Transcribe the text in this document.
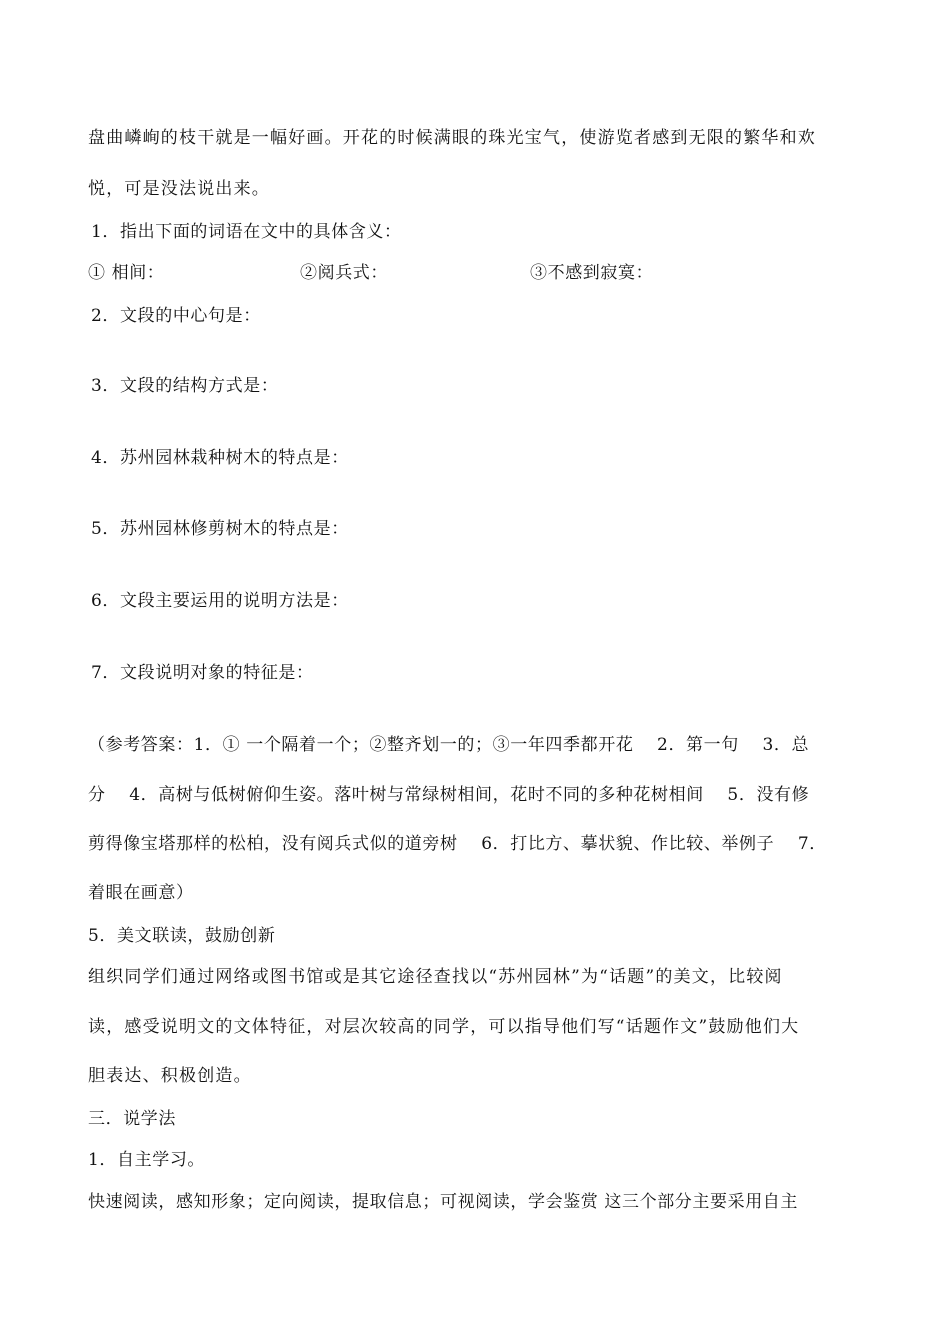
盘曲嶙峋的枝干就是一幅好画。开花的时候满眼的珠光宝气，使游览者感到无限的繁华和欢
悦，可是没法说出来。
1．指出下面的词语在文中的具体含义：
① 相间：	②阅兵式：	③不感到寂寞：
2．文段的中心句是：
3．文段的结构方式是：
4．苏州园林栽种树木的特点是：
5．苏州园林修剪树木的特点是：
6．文段主要运用的说明方法是：
7．文段说明对象的特征是：
（参考答案：1．① 一个隔着一个；②整齐划一的；③一年四季都开花　 2．第一句　 3．总
分　 4．高树与低树俯仰生姿。落叶树与常绿树相间，花时不同的多种花树相间　 5．没有修
剪得像宝塔那样的松柏，没有阅兵式似的道旁树　 6．打比方、摹状貌、作比较、举例子　 7．
着眼在画意）
5．美文联读，鼓励创新
组织同学们通过网络或图书馆或是其它途径查找以“苏州园林”为“话题”的美文，比较阅
读，感受说明文的文体特征，对层次较高的同学，可以指导他们写“话题作文”鼓励他们大
胆表达、积极创造。
三．说学法
1．自主学习。
快速阅读，感知形象；定向阅读，提取信息；可视阅读，学会鉴赏 这三个部分主要采用自主
